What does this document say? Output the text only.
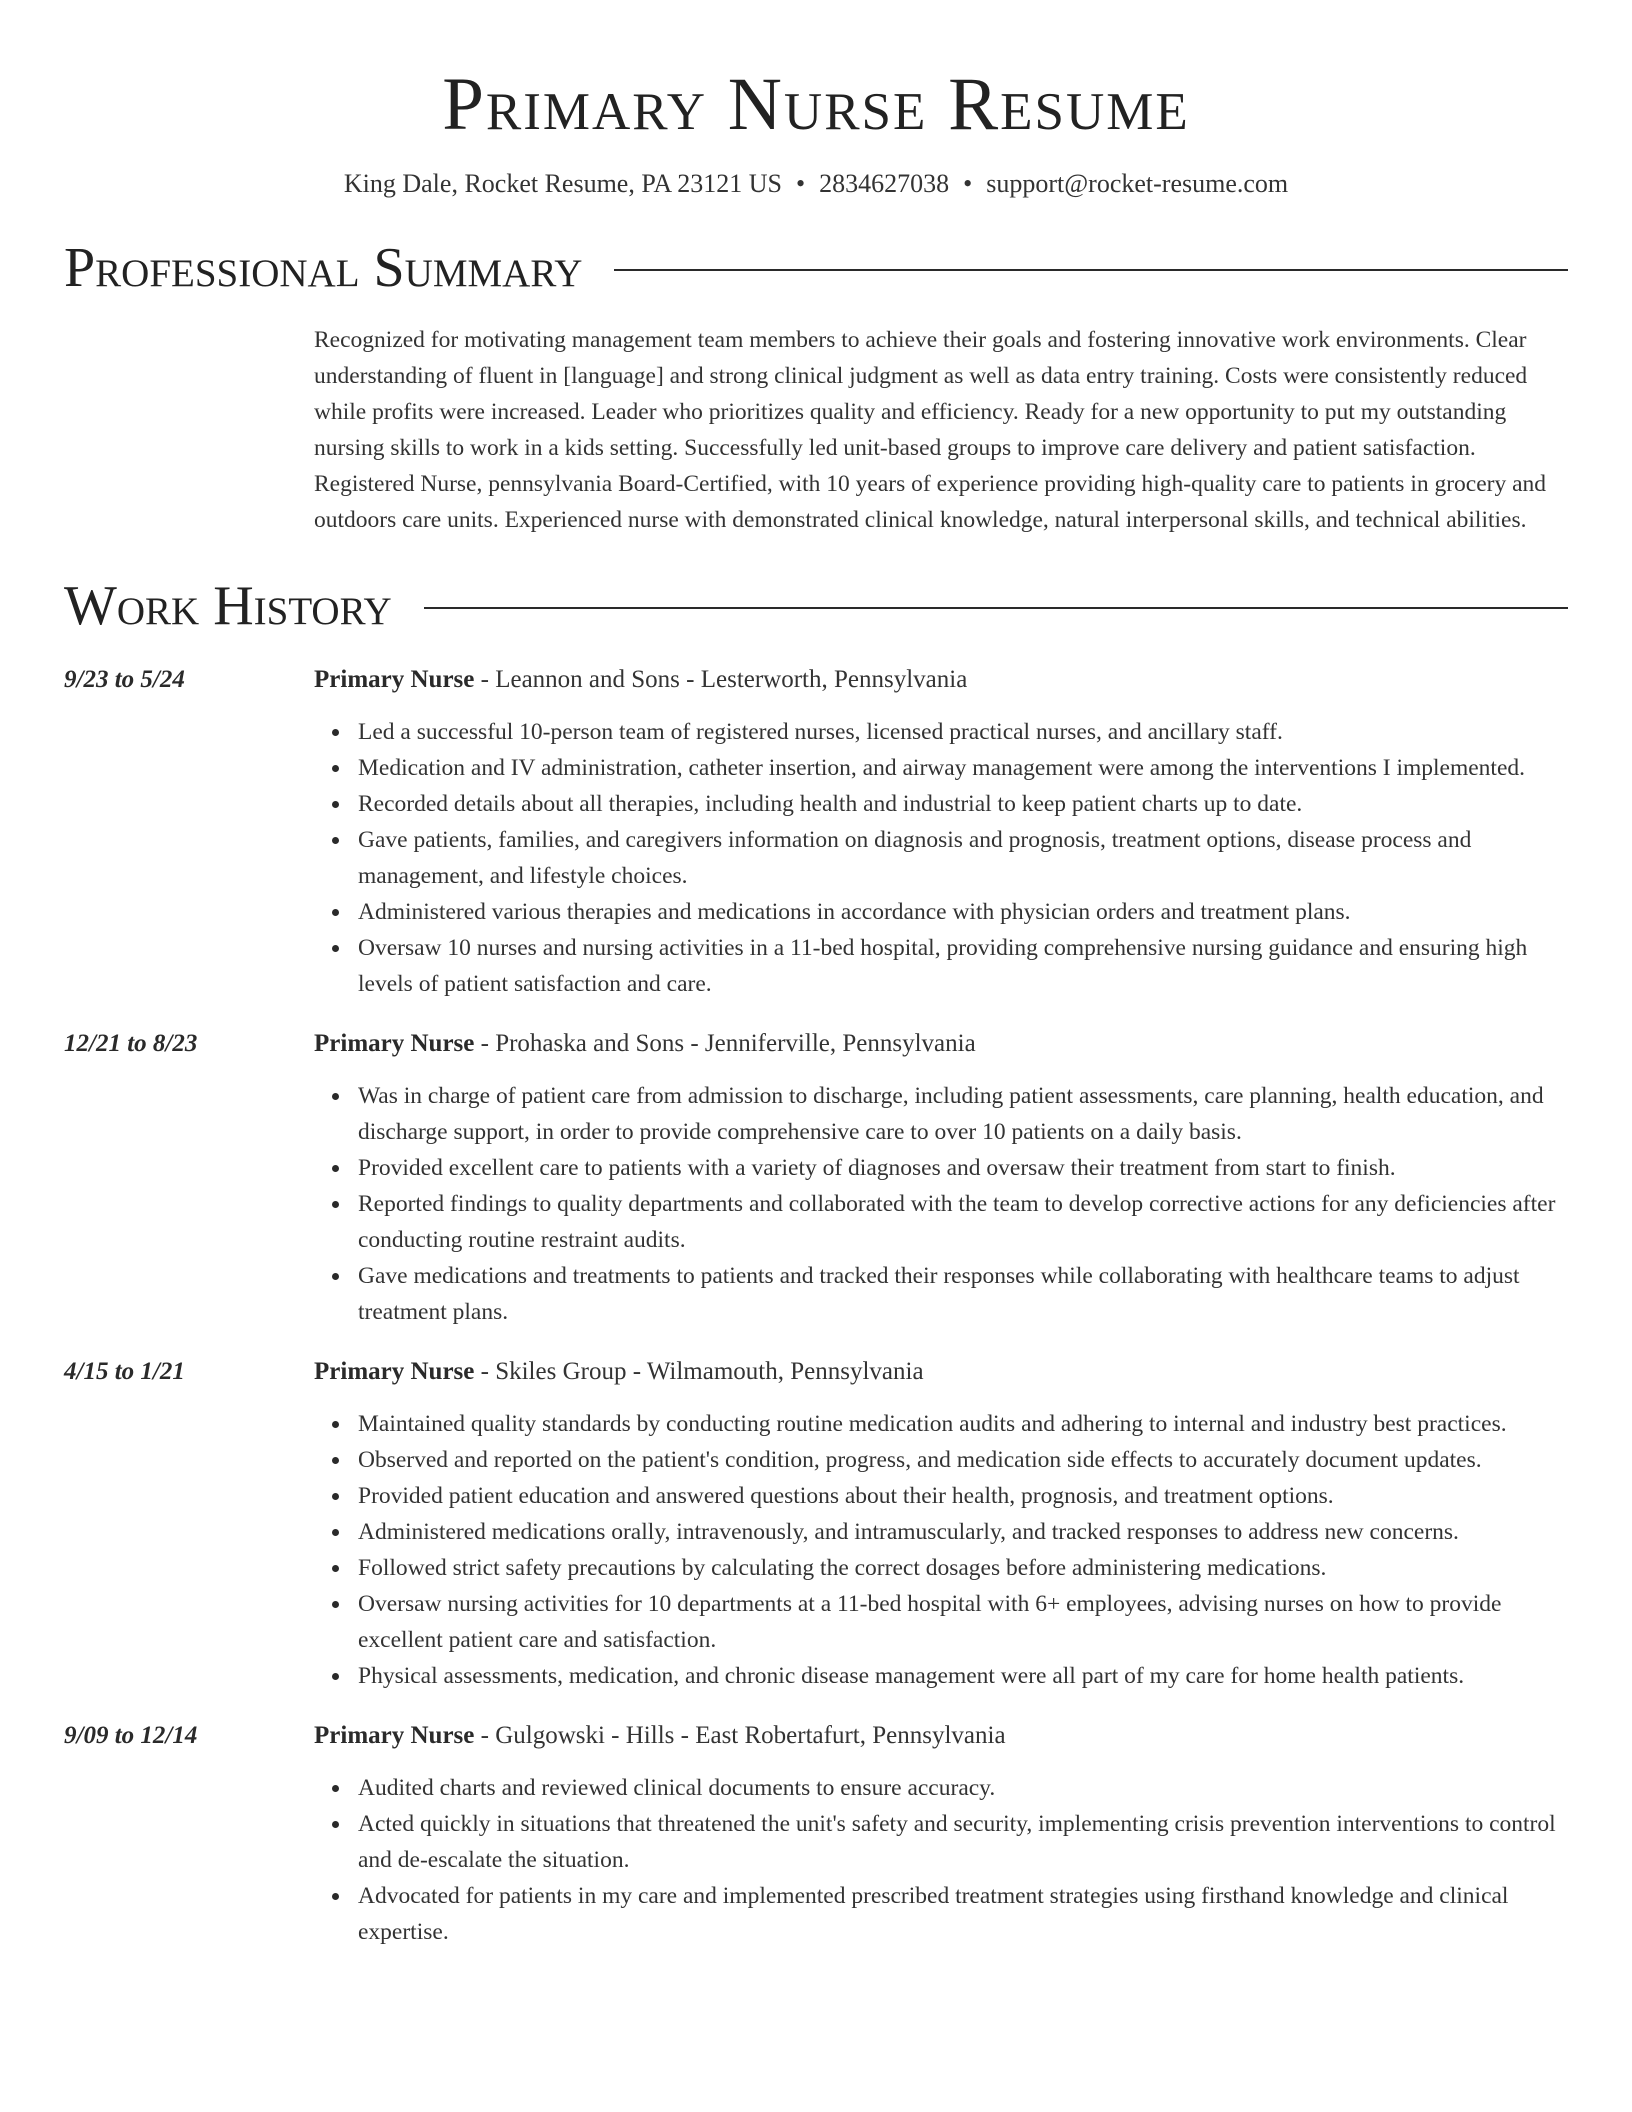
Primary Nurse Resume
King Dale, Rocket Resume, PA 23121 US • 2834627038 • support@rocket-resume.com
Professional Summary
Recognized for motivating management team members to achieve their goals and fostering innovative work environments. Clear understanding of fluent in [language] and strong clinical judgment as well as data entry training. Costs were consistently reduced while profits were increased. Leader who prioritizes quality and efficiency. Ready for a new opportunity to put my outstanding nursing skills to work in a kids setting. Successfully led unit-based groups to improve care delivery and patient satisfaction. Registered Nurse, pennsylvania Board-Certified, with 10 years of experience providing high-quality care to patients in grocery and outdoors care units. Experienced nurse with demonstrated clinical knowledge, natural interpersonal skills, and technical abilities.
Work History
9/23 to 5/24	Primary Nurse - Leannon and Sons - Lesterworth, Pennsylvania
Led a successful 10-person team of registered nurses, licensed practical nurses, and ancillary staff.
Medication and IV administration, catheter insertion, and airway management were among the interventions I implemented.
Recorded details about all therapies, including health and industrial to keep patient charts up to date.
Gave patients, families, and caregivers information on diagnosis and prognosis, treatment options, disease process and management, and lifestyle choices.
Administered various therapies and medications in accordance with physician orders and treatment plans.
Oversaw 10 nurses and nursing activities in a 11-bed hospital, providing comprehensive nursing guidance and ensuring high levels of patient satisfaction and care.
12/21 to 8/23	Primary Nurse - Prohaska and Sons - Jenniferville, Pennsylvania
Was in charge of patient care from admission to discharge, including patient assessments, care planning, health education, and discharge support, in order to provide comprehensive care to over 10 patients on a daily basis.
Provided excellent care to patients with a variety of diagnoses and oversaw their treatment from start to finish.
Reported findings to quality departments and collaborated with the team to develop corrective actions for any deficiencies after conducting routine restraint audits.
Gave medications and treatments to patients and tracked their responses while collaborating with healthcare teams to adjust treatment plans.
4/15 to 1/21	Primary Nurse - Skiles Group - Wilmamouth, Pennsylvania
Maintained quality standards by conducting routine medication audits and adhering to internal and industry best practices.
Observed and reported on the patient's condition, progress, and medication side effects to accurately document updates.
Provided patient education and answered questions about their health, prognosis, and treatment options.
Administered medications orally, intravenously, and intramuscularly, and tracked responses to address new concerns.
Followed strict safety precautions by calculating the correct dosages before administering medications.
Oversaw nursing activities for 10 departments at a 11-bed hospital with 6+ employees, advising nurses on how to provide excellent patient care and satisfaction.
Physical assessments, medication, and chronic disease management were all part of my care for home health patients.
9/09 to 12/14	Primary Nurse - Gulgowski - Hills - East Robertafurt, Pennsylvania
Audited charts and reviewed clinical documents to ensure accuracy.
Acted quickly in situations that threatened the unit's safety and security, implementing crisis prevention interventions to control and de-escalate the situation.
Advocated for patients in my care and implemented prescribed treatment strategies using firsthand knowledge and clinical expertise.
